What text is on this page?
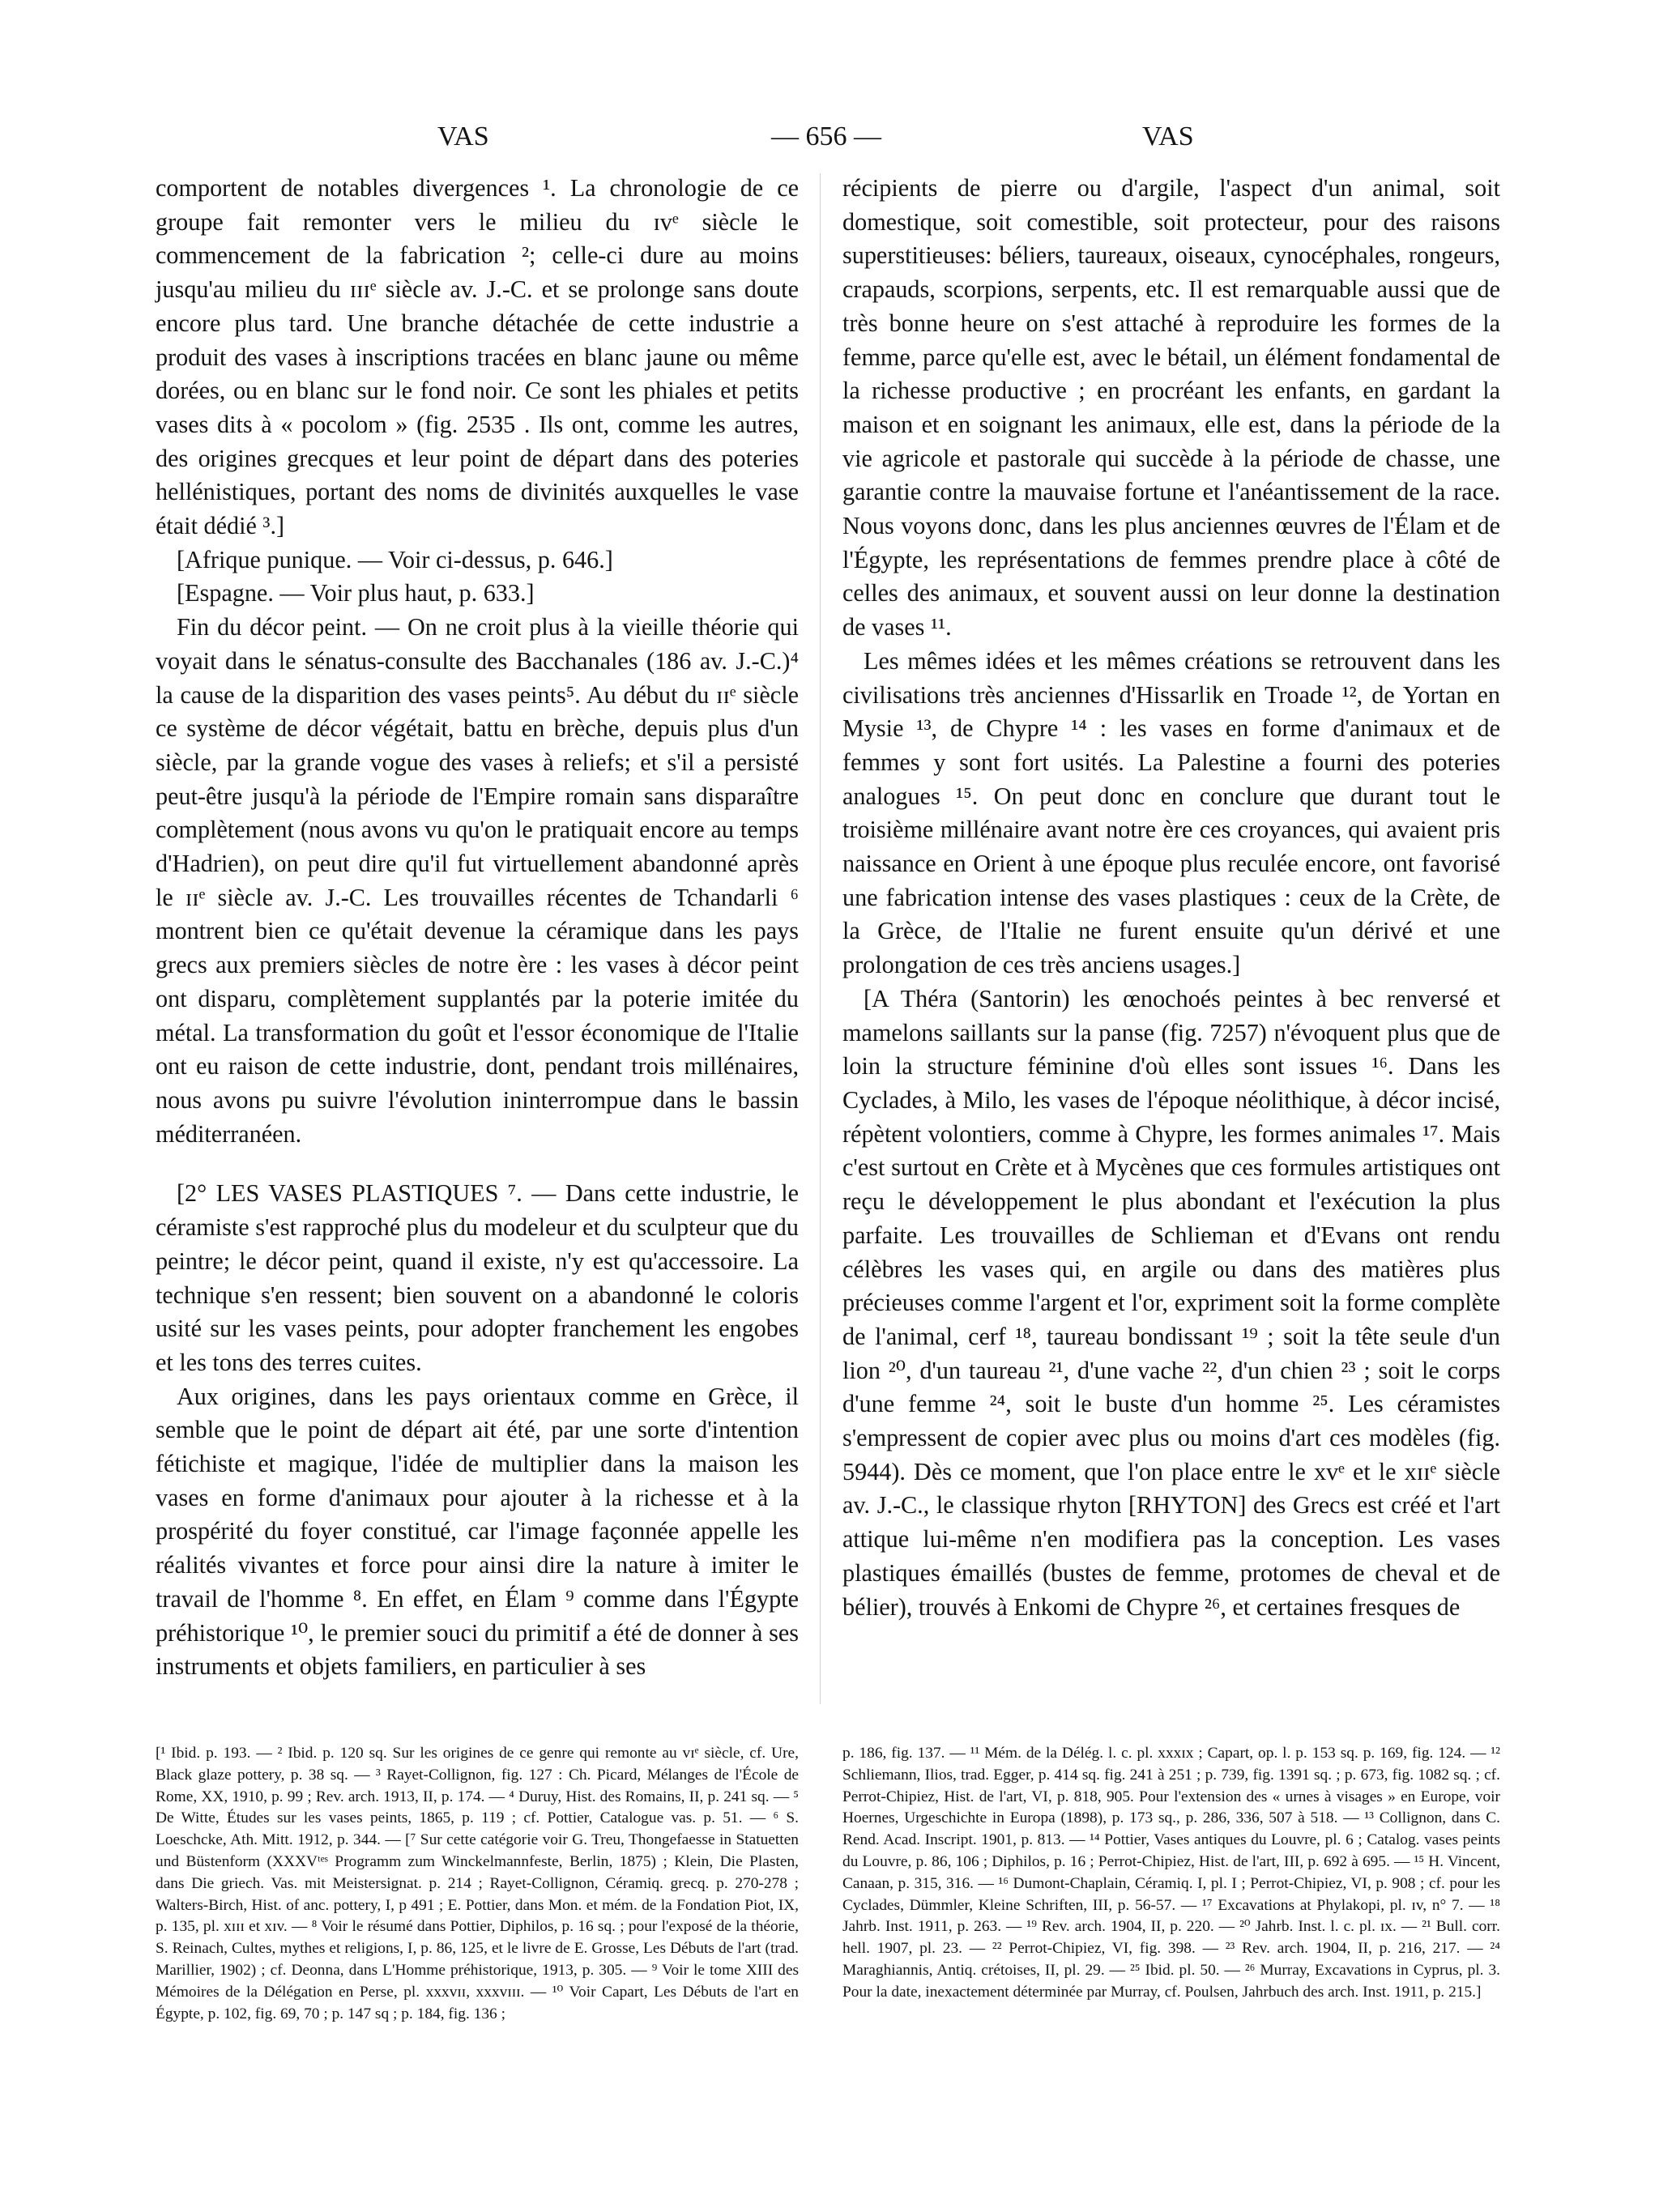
VAS	— 656 —	VAS

comportent de notables divergences ¹. La chronologie de ce groupe fait remonter vers le milieu du ɪvᵉ siècle le commencement de la fabrication ²; celle-ci dure au moins jusqu'au milieu du ɪɪɪᵉ siècle av. J.-C. et se prolonge sans doute encore plus tard. Une branche détachée de cette industrie a produit des vases à inscriptions tracées en blanc jaune ou même dorées, ou en blanc sur le fond noir. Ce sont les phiales et petits vases dits à « pocolom » (fig. 2535 . Ils ont, comme les autres, des origines grecques et leur point de départ dans des poteries hellénistiques, portant des noms de divinités auxquelles le vase était dédié ³.]

[Afrique punique. — Voir ci-dessus, p. 646.]

[Espagne. — Voir plus haut, p. 633.]

Fin du décor peint. — On ne croit plus à la vieille théorie qui voyait dans le sénatus-consulte des Bacchanales (186 av. J.-C.)⁴ la cause de la disparition des vases peints⁵. Au début du ɪɪᵉ siècle ce système de décor végétait, battu en brèche, depuis plus d'un siècle, par la grande vogue des vases à reliefs; et s'il a persisté peut-être jusqu'à la période de l'Empire romain sans disparaître complètement (nous avons vu qu'on le pratiquait encore au temps d'Hadrien), on peut dire qu'il fut virtuellement abandonné après le ɪɪᵉ siècle av. J.-C. Les trouvailles récentes de Tchandarli ⁶ montrent bien ce qu'était devenue la céramique dans les pays grecs aux premiers siècles de notre ère : les vases à décor peint ont disparu, complètement supplantés par la poterie imitée du métal. La transformation du goût et l'essor économique de l'Italie ont eu raison de cette industrie, dont, pendant trois millénaires, nous avons pu suivre l'évolution ininterrompue dans le bassin méditerranéen.

[2° LES VASES PLASTIQUES ⁷. — Dans cette industrie, le céramiste s'est rapproché plus du modeleur et du sculpteur que du peintre; le décor peint, quand il existe, n'y est qu'accessoire. La technique s'en ressent; bien souvent on a abandonné le coloris usité sur les vases peints, pour adopter franchement les engobes et les tons des terres cuites.

Aux origines, dans les pays orientaux comme en Grèce, il semble que le point de départ ait été, par une sorte d'intention fétichiste et magique, l'idée de multiplier dans la maison les vases en forme d'animaux pour ajouter à la richesse et à la prospérité du foyer constitué, car l'image façonnée appelle les réalités vivantes et force pour ainsi dire la nature à imiter le travail de l'homme ⁸. En effet, en Élam ⁹ comme dans l'Égypte préhistorique ¹⁰, le premier souci du primitif a été de donner à ses instruments et objets familiers, en particulier à ses

récipients de pierre ou d'argile, l'aspect d'un animal, soit domestique, soit comestible, soit protecteur, pour des raisons superstitieuses: béliers, taureaux, oiseaux, cynocéphales, rongeurs, crapauds, scorpions, serpents, etc. Il est remarquable aussi que de très bonne heure on s'est attaché à reproduire les formes de la femme, parce qu'elle est, avec le bétail, un élément fondamental de la richesse productive ; en procréant les enfants, en gardant la maison et en soignant les animaux, elle est, dans la période de la vie agricole et pastorale qui succède à la période de chasse, une garantie contre la mauvaise fortune et l'anéantissement de la race. Nous voyons donc, dans les plus anciennes œuvres de l'Élam et de l'Égypte, les représentations de femmes prendre place à côté de celles des animaux, et souvent aussi on leur donne la destination de vases ¹¹.

Les mêmes idées et les mêmes créations se retrouvent dans les civilisations très anciennes d'Hissarlik en Troade ¹², de Yortan en Mysie ¹³, de Chypre ¹⁴ : les vases en forme d'animaux et de femmes y sont fort usités. La Palestine a fourni des poteries analogues ¹⁵. On peut donc en conclure que durant tout le troisième millénaire avant notre ère ces croyances, qui avaient pris naissance en Orient à une époque plus reculée encore, ont favorisé une fabrication intense des vases plastiques : ceux de la Crète, de la Grèce, de l'Italie ne furent ensuite qu'un dérivé et une prolongation de ces très anciens usages.]

[A Théra (Santorin) les œnochoés peintes à bec renversé et mamelons saillants sur la panse (fig. 7257) n'évoquent plus que de loin la structure féminine d'où elles sont issues ¹⁶. Dans les Cyclades, à Milo, les vases de l'époque néolithique, à décor incisé, répètent volontiers, comme à Chypre, les formes animales ¹⁷. Mais c'est surtout en Crète et à Mycènes que ces formules artistiques ont reçu le développement le plus abondant et l'exécution la plus parfaite. Les trouvailles de Schlieman et d'Evans ont rendu célèbres les vases qui, en argile ou dans des matières plus précieuses comme l'argent et l'or, expriment soit la forme complète de l'animal, cerf ¹⁸, taureau bondissant ¹⁹ ; soit la tête seule d'un lion ²⁰, d'un taureau ²¹, d'une vache ²², d'un chien ²³ ; soit le corps d'une femme ²⁴, soit le buste d'un homme ²⁵. Les céramistes s'empressent de copier avec plus ou moins d'art ces modèles (fig. 5944). Dès ce moment, que l'on place entre le xvᵉ et le xɪɪᵉ siècle av. J.-C., le classique rhyton [RHYTON] des Grecs est créé et l'art attique lui-même n'en modifiera pas la conception. Les vases plastiques émaillés (bustes de femme, protomes de cheval et de bélier), trouvés à Enkomi de Chypre ²⁶, et certaines fresques de

[¹ Ibid. p. 193. — ² Ibid. p. 120 sq. Sur les origines de ce genre qui remonte au vɪᵉ siècle, cf. Ure, Black glaze pottery, p. 38 sq. — ³ Rayet-Collignon, fig. 127 : Ch. Picard, Mélanges de l'École de Rome, XX, 1910, p. 99 ; Rev. arch. 1913, II, p. 174. — ⁴ Duruy, Hist. des Romains, II, p. 241 sq. — ⁵ De Witte, Études sur les vases peints, 1865, p. 119 ; cf. Pottier, Catalogue vas. p. 51. — ⁶ S. Loeschcke, Ath. Mitt. 1912, p. 344. — [⁷ Sur cette catégorie voir G. Treu, Thongefaesse in Statuetten und Büstenform (XXXVᵗᵉˢ Programm zum Winckelmannfeste, Berlin, 1875) ; Klein, Die Plasten, dans Die griech. Vas. mit Meistersignat. p. 214 ; Rayet-Collignon, Céramiq. grecq. p. 270-278 ; Walters-Birch, Hist. of anc. pottery, I, p 491 ; E. Pottier, dans Mon. et mém. de la Fondation Piot, IX, p. 135, pl. xɪɪɪ et xɪv. — ⁸ Voir le résumé dans Pottier, Diphilos, p. 16 sq. ; pour l'exposé de la théorie, S. Reinach, Cultes, mythes et religions, I, p. 86, 125, et le livre de E. Grosse, Les Débuts de l'art (trad. Marillier, 1902) ; cf. Deonna, dans L'Homme préhistorique, 1913, p. 305. — ⁹ Voir le tome XIII des Mémoires de la Délégation en Perse, pl. xxxvɪɪ, xxxvɪɪɪ. — ¹⁰ Voir Capart, Les Débuts de l'art en Égypte, p. 102, fig. 69, 70 ; p. 147 sq ; p. 184, fig. 136 ;

p. 186, fig. 137. — ¹¹ Mém. de la Délég. l. c. pl. xxxɪx ; Capart, op. l. p. 153 sq. p. 169, fig. 124. — ¹² Schliemann, Ilios, trad. Egger, p. 414 sq. fig. 241 à 251 ; p. 739, fig. 1391 sq. ; p. 673, fig. 1082 sq. ; cf. Perrot-Chipiez, Hist. de l'art, VI, p. 818, 905. Pour l'extension des « urnes à visages » en Europe, voir Hoernes, Urgeschichte in Europa (1898), p. 173 sq., p. 286, 336, 507 à 518. — ¹³ Collignon, dans C. Rend. Acad. Inscript. 1901, p. 813. — ¹⁴ Pottier, Vases antiques du Louvre, pl. 6 ; Catalog. vases peints du Louvre, p. 86, 106 ; Diphilos, p. 16 ; Perrot-Chipiez, Hist. de l'art, III, p. 692 à 695. — ¹⁵ H. Vincent, Canaan, p. 315, 316. — ¹⁶ Dumont-Chaplain, Céramiq. I, pl. I ; Perrot-Chipiez, VI, p. 908 ; cf. pour les Cyclades, Dümmler, Kleine Schriften, III, p. 56-57. — ¹⁷ Excavations at Phylakopi, pl. ɪv, n° 7. — ¹⁸ Jahrb. Inst. 1911, p. 263. — ¹⁹ Rev. arch. 1904, II, p. 220. — ²⁰ Jahrb. Inst. l. c. pl. ɪx. — ²¹ Bull. corr. hell. 1907, pl. 23. — ²² Perrot-Chipiez, VI, fig. 398. — ²³ Rev. arch. 1904, II, p. 216, 217. — ²⁴ Maraghiannis, Antiq. crétoises, II, pl. 29. — ²⁵ Ibid. pl. 50. — ²⁶ Murray, Excavations in Cyprus, pl. 3. Pour la date, inexactement déterminée par Murray, cf. Poulsen, Jahrbuch des arch. Inst. 1911, p. 215.]
